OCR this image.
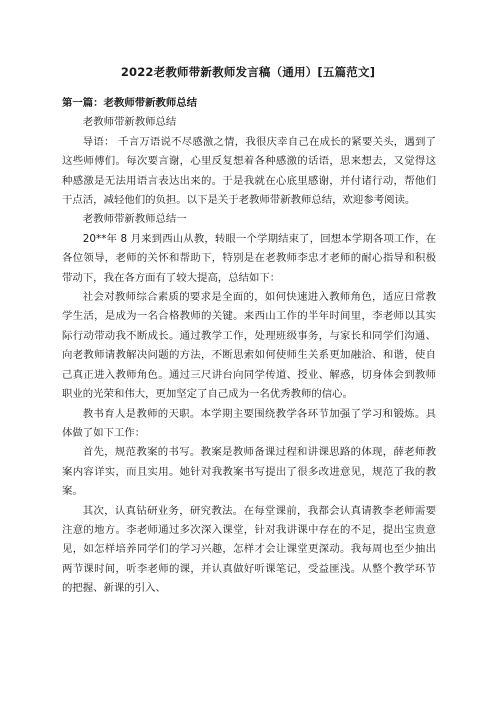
2022老教师带新教师发言稿（通用）[五篇范文]

第一篇：老教师带新教师总结

老教师带新教师总结

导语： 千言万语说不尽感激之情，我很庆幸自己在成长的紧要关头，遇到了这些师傅们。每次要言谢，心里反复想着各种感激的话语，思来想去，又觉得这种感激是无法用语言表达出来的。于是我就在心底里感谢，并付诸行动，帮他们干点活，减轻他们的负担。以下是关于老教师带新教师总结，欢迎参考阅读。

老教师带新教师总结一

20**年 8 月来到西山从教，转眼一个学期结束了，回想本学期各项工作，在各位领导，老师的关怀和帮助下，特别是在老教师李忠才老师的耐心指导和积极带动下，我在各方面有了较大提高，总结如下：

社会对教师综合素质的要求是全面的，如何快速进入教师角色，适应日常教学生活，是成为一名合格教师的关键。来西山工作的半年时间里，李老师以其实际行动带动我不断成长。通过教学工作，处理班级事务，与家长和同学们沟通、向老教师请教解决问题的方法，不断思索如何使师生关系更加融洽、和谐，使自己真正进入教师角色。通过三尺讲台向同学传道、授业、解惑，切身体会到教师职业的光荣和伟大，更加坚定了自己成为一名优秀教师的信心。

教书育人是教师的天职。本学期主要围绕教学各环节加强了学习和锻炼。具体做了如下工作：

首先，规范教案的书写。教案是教师备课过程和讲课思路的体现，薛老师教案内容详实，而且实用。她针对我教案书写提出了很多改进意见，规范了我的教案。

其次，认真钻研业务，研究教法。在每堂课前，我都会认真请教李老师需要注意的地方。李老师通过多次深入课堂，针对我讲课中存在的不足，提出宝贵意见，如怎样培养同学们的学习兴趣，怎样才会让课堂更深动。我每周也至少抽出两节课时间，听李老师的课，并认真做好听课笔记，受益匪浅。从整个教学环节的把握、新课的引入、
